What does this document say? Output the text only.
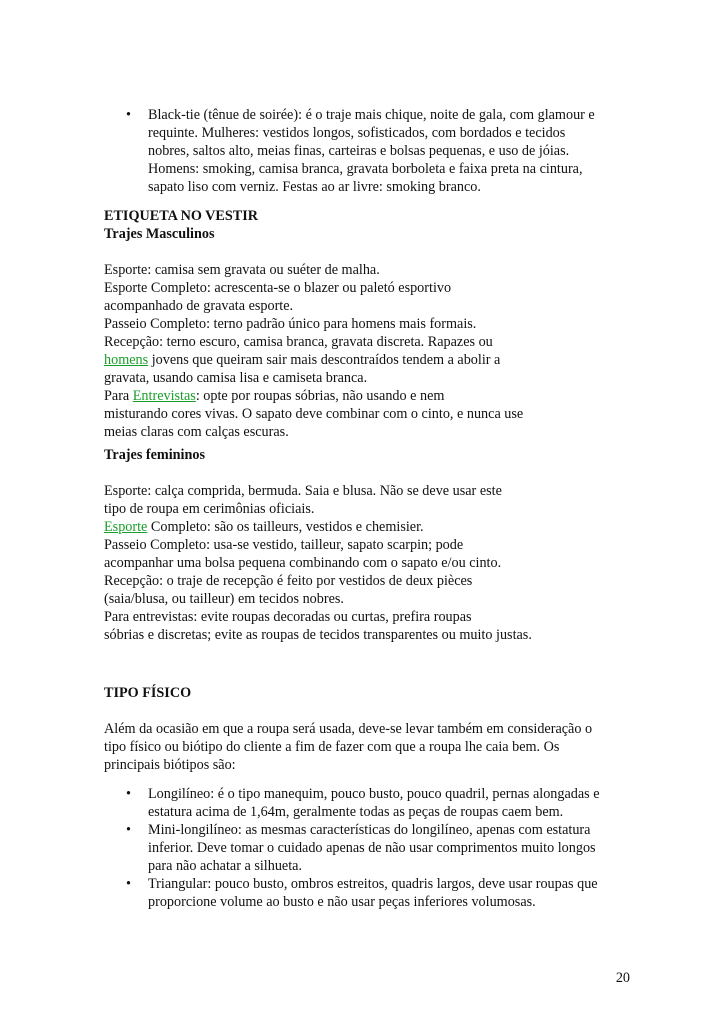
• Black-tie (tênue de soirée): é o traje mais chique, noite de gala, com glamour e
requinte. Mulheres: vestidos longos, sofisticados, com bordados e tecidos
nobres, saltos alto, meias finas, carteiras e bolsas pequenas, e uso de jóias.
Homens: smoking, camisa branca, gravata borboleta e faixa preta na cintura,
sapato liso com verniz. Festas ao ar livre: smoking branco.
ETIQUETA NO VESTIR
Trajes Masculinos

Esporte: camisa sem gravata ou suéter de malha.
Esporte Completo: acrescenta-se o blazer ou paletó esportivo
acompanhado de gravata esporte.
Passeio Completo: terno padrão único para homens mais formais.
Recepção: terno escuro, camisa branca, gravata discreta. Rapazes ou
homens jovens que queiram sair mais descontraídos tendem a abolir a
gravata, usando camisa lisa e camiseta branca.
Para Entrevistas: opte por roupas sóbrias, não usando e nem
misturando cores vivas. O sapato deve combinar com o cinto, e nunca use
meias claras com calças escuras.
Trajes femininos

Esporte: calça comprida, bermuda. Saia e blusa. Não se deve usar este
tipo de roupa em cerimônias oficiais.
Esporte Completo: são os tailleurs, vestidos e chemisier.
Passeio Completo: usa-se vestido, tailleur, sapato scarpin; pode
acompanhar uma bolsa pequena combinando com o sapato e/ou cinto.
Recepção: o traje de recepção é feito por vestidos de deux pièces
(saia/blusa, ou tailleur) em tecidos nobres.
Para entrevistas: evite roupas decoradas ou curtas, prefira roupas
sóbrias e discretas; evite as roupas de tecidos transparentes ou muito justas.
TIPO FÍSICO

Além da ocasião em que a roupa será usada, deve-se levar também em consideração o
tipo físico ou biótipo do cliente a fim de fazer com que a roupa lhe caia bem. Os
principais biótipos são:
• Longilíneo: é o tipo manequim, pouco busto, pouco quadril, pernas alongadas e
estatura acima de 1,64m, geralmente todas as peças de roupas caem bem.
• Mini-longilíneo: as mesmas características do longilíneo, apenas com estatura
inferior. Deve tomar o cuidado apenas de não usar comprimentos muito longos
para não achatar a silhueta.
• Triangular: pouco busto, ombros estreitos, quadris largos, deve usar roupas que
proporcione volume ao busto e não usar peças inferiores volumosas.
20
